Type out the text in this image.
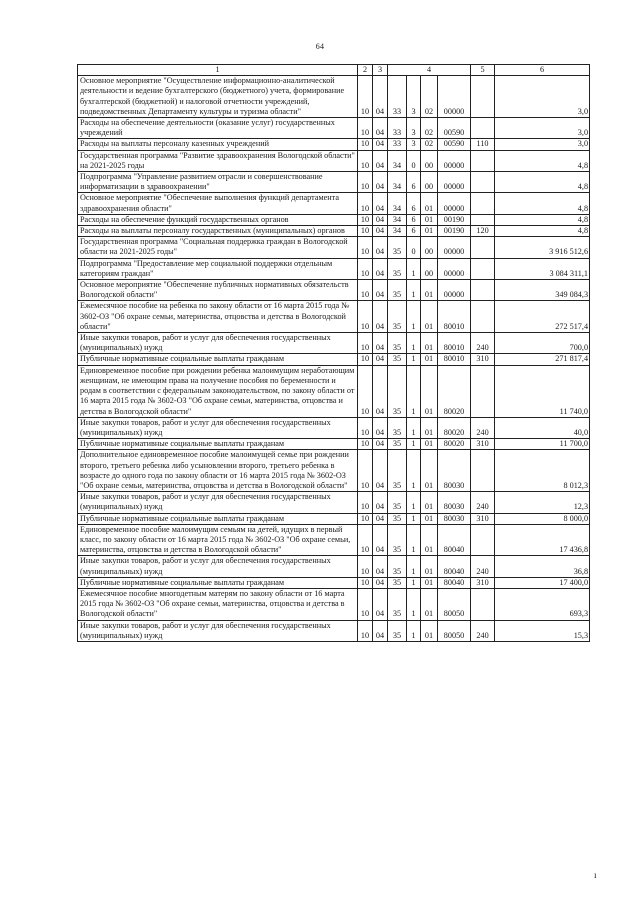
64
1	2	3	4				5	6

Основное мероприятие "Осуществление информационно-аналитической деятельности и ведение бухгалтерского (бюджетного) учета, формирование бухгалтерской (бюджетной) и налоговой отчетности учреждений, подведомственных Департаменту культуры и туризма области"	10	04	33	3	02	00000		3,0

Расходы на обеспечение деятельности (оказание услуг) государственных учреждений	10	04	33	3	02	00590		3,0

Расходы на выплаты персоналу казенных учреждений	10	04	33	3	02	00590	110	3,0

Государственная программа "Развитие здравоохранения Вологодской области" на 2021-2025 годы	10	04	34	0	00	00000		4,8

Подпрограмма "Управление развитием отрасли и совершенствование информатизации в здравоохранении"	10	04	34	6	00	00000		4,8

Основное мероприятие "Обеспечение выполнения функций департамента здравоохранения области"	10	04	34	6	01	00000		4,8

Расходы на обеспечение функций государственных органов	10	04	34	6	01	00190		4,8

Расходы на выплаты персоналу государственных (муниципальных) органов	10	04	34	6	01	00190	120	4,8

Государственная программа "Социальная поддержка граждан в Вологодской области на 2021-2025 годы"	10	04	35	0	00	00000		3 916 512,6

Подпрограмма "Предоставление мер социальной поддержки отдельным категориям граждан"	10	04	35	1	00	00000		3 084 311,1

Основное мероприятие "Обеспечение публичных нормативных обязательств Вологодской области"	10	04	35	1	01	00000		349 084,3

Ежемесячное пособие на ребенка по закону области от 16 марта 2015 года № 3602-ОЗ "Об охране семьи, материнства, отцовства и детства в Вологодской области"	10	04	35	1	01	80010		272 517,4

Иные закупки товаров, работ и услуг для обеспечения государственных (муниципальных) нужд	10	04	35	1	01	80010	240	700,0

Публичные нормативные социальные выплаты гражданам	10	04	35	1	01	80010	310	271 817,4

Единовременное пособие при рождении ребенка малоимущим неработающим женщинам, не имеющим права на получение пособия по беременности и родам в соответствии с федеральным законодательством, по закону области от 16 марта 2015 года № 3602-ОЗ "Об охране семьи, материнства, отцовства и детства в Вологодской области"	10	04	35	1	01	80020		11 740,0

Иные закупки товаров, работ и услуг для обеспечения государственных (муниципальных) нужд	10	04	35	1	01	80020	240	40,0

Публичные нормативные социальные выплаты гражданам	10	04	35	1	01	80020	310	11 700,0

Дополнительное единовременное пособие малоимущей семье при рождении второго, третьего ребенка либо усыновлении второго, третьего ребенка в возрасте до одного года по закону области от 16 марта 2015 года № 3602-ОЗ "Об охране семьи, материнства, отцовства и детства в Вологодской области"	10	04	35	1	01	80030		8 012,3

Иные закупки товаров, работ и услуг для обеспечения государственных (муниципальных) нужд	10	04	35	1	01	80030	240	12,3

Публичные нормативные социальные выплаты гражданам	10	04	35	1	01	80030	310	8 000,0

Единовременное пособие малоимущим семьям на детей, идущих в первый класс, по закону области от 16 марта 2015 года № 3602-ОЗ "Об охране семьи, материнства, отцовства и детства в Вологодской области"	10	04	35	1	01	80040		17 436,8

Иные закупки товаров, работ и услуг для обеспечения государственных (муниципальных) нужд	10	04	35	1	01	80040	240	36,8

Публичные нормативные социальные выплаты гражданам	10	04	35	1	01	80040	310	17 400,0

Ежемесячное пособие многодетным матерям по закону области от 16 марта 2015 года № 3602-ОЗ "Об охране семьи, материнства, отцовства и детства в Вологодской области"	10	04	35	1	01	80050		693,3

Иные закупки товаров, работ и услуг для обеспечения государственных (муниципальных) нужд	10	04	35	1	01	80050	240	15,3
ı
